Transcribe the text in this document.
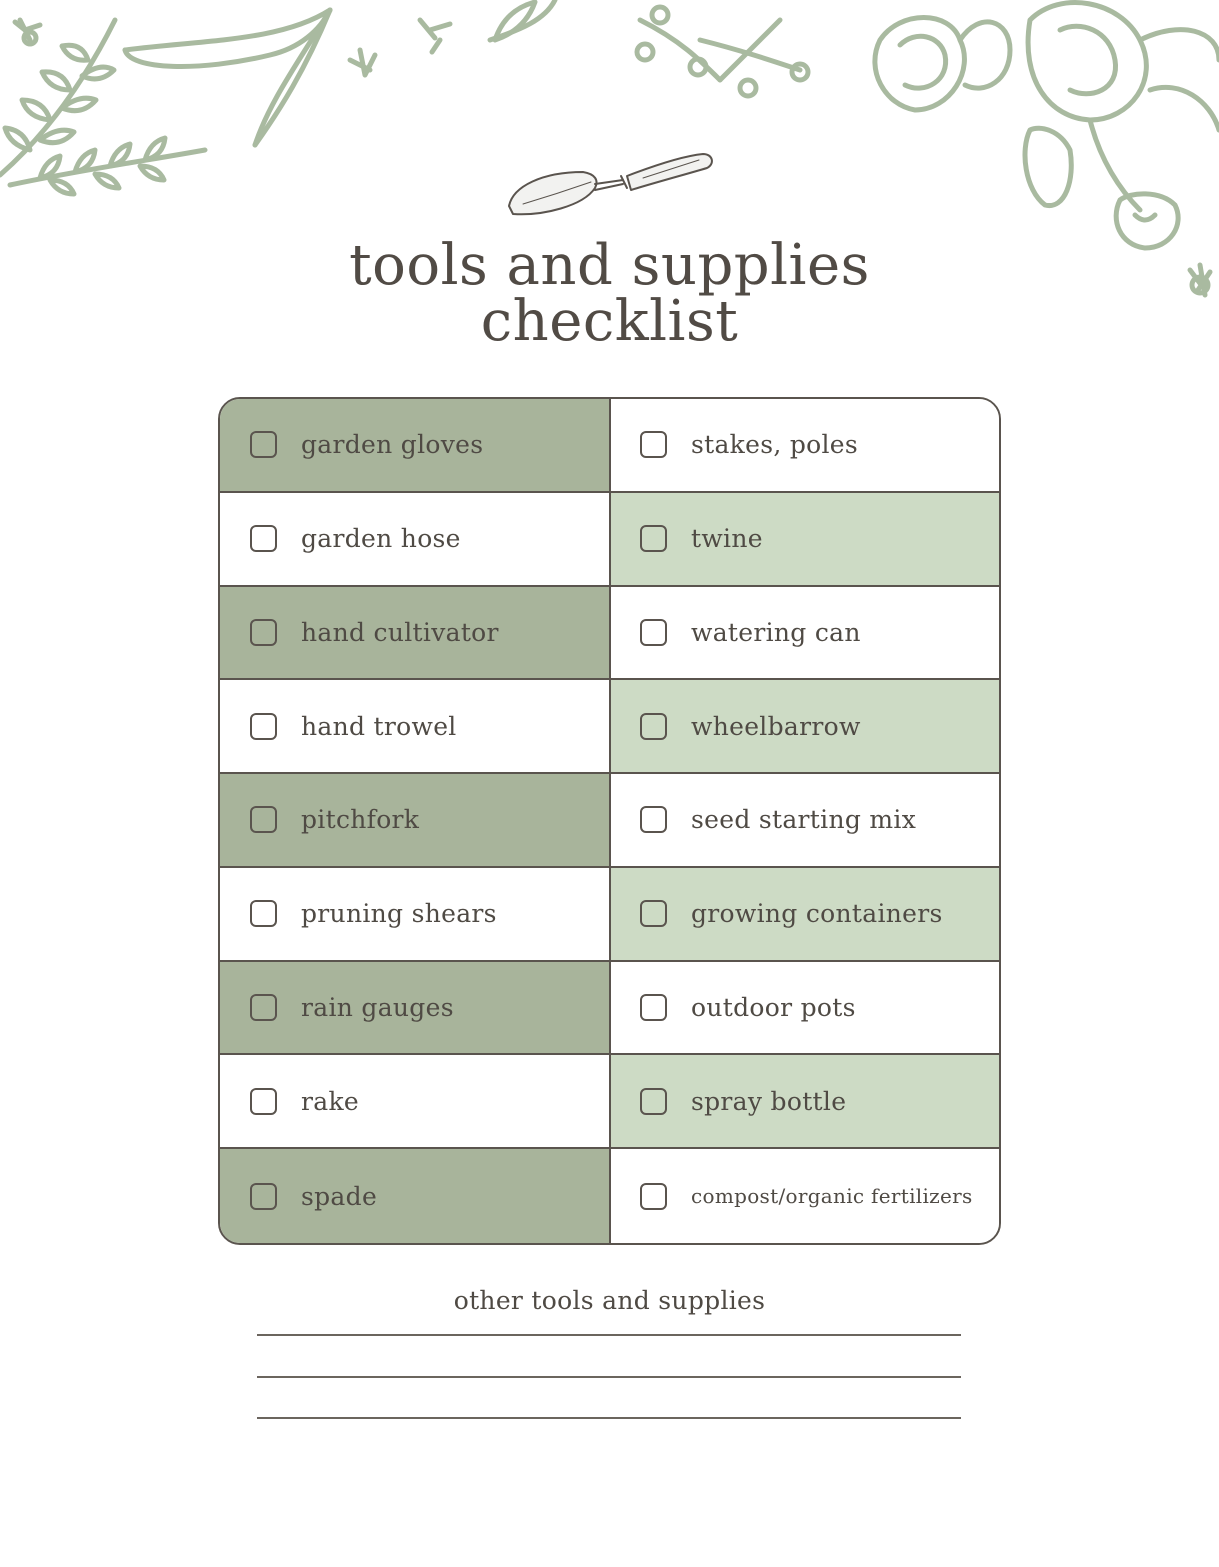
tools and supplies
checklist
garden gloves	stakes, poles
garden hose	twine
hand cultivator	watering can
hand trowel	wheelbarrow
pitchfork	seed starting mix
pruning shears	growing containers
rain gauges	outdoor pots
rake	spray bottle
spade	compost/organic fertilizers
other tools and supplies
